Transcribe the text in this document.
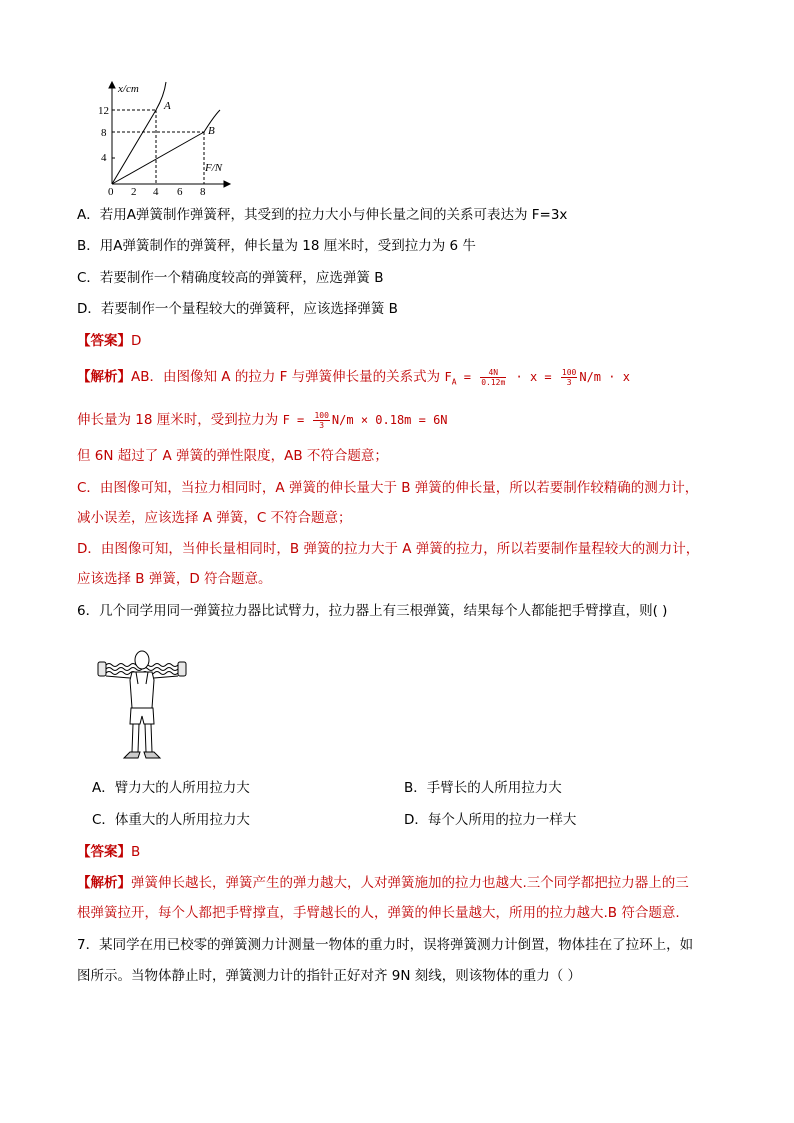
x/cm
F/N
12
8
4
0 2 4 6 8
A
B
A．若用A弹簧制作弹簧秤，其受到的拉力大小与伸长量之间的关系可表达为 F=3x
B．用A弹簧制作的弹簧秤，伸长量为 18 厘米时，受到拉力为 6 牛
C．若要制作一个精确度较高的弹簧秤，应选弹簧 B
D．若要制作一个量程较大的弹簧秤，应该选择弹簧 B
【答案】D
【解析】AB．由图像知 A 的拉力 F 与弹簧伸长量的关系式为 $F_A = \frac{4N}{0.12m} \cdot x = \frac{100}{3} N/m \cdot x$
伸长量为 18 厘米时，受到拉力为 $F = \frac{100}{3} N/m \times 0.18m = 6N$
但 6N 超过了 A 弹簧的弹性限度，AB 不符合题意；
C．由图像可知，当拉力相同时，A 弹簧的伸长量大于 B 弹簧的伸长量，所以若要制作较精确的测力计，
减小误差，应该选择 A 弹簧，C 不符合题意；
D．由图像可知，当伸长量相同时，B 弹簧的拉力大于 A 弹簧的拉力，所以若要制作量程较大的测力计，
应该选择 B 弹簧，D 符合题意。
6．几个同学用同一弹簧拉力器比试臂力，拉力器上有三根弹簧，结果每个人都能把手臂撑直，则( )
A．臂力大的人所用拉力大	B．手臂长的人所用拉力大
C．体重大的人所用拉力大	D．每个人所用的拉力一样大
【答案】B
【解析】弹簧伸长越长，弹簧产生的弹力越大，人对弹簧施加的拉力也越大.三个同学都把拉力器上的三
根弹簧拉开，每个人都把手臂撑直，手臂越长的人，弹簧的伸长量越大，所用的拉力越大.B 符合题意.
7．某同学在用已校零的弹簧测力计测量一物体的重力时，误将弹簧测力计倒置，物体挂在了拉环上，如
图所示。当物体静止时，弹簧测力计的指针正好对齐 9N 刻线，则该物体的重力（ ）
